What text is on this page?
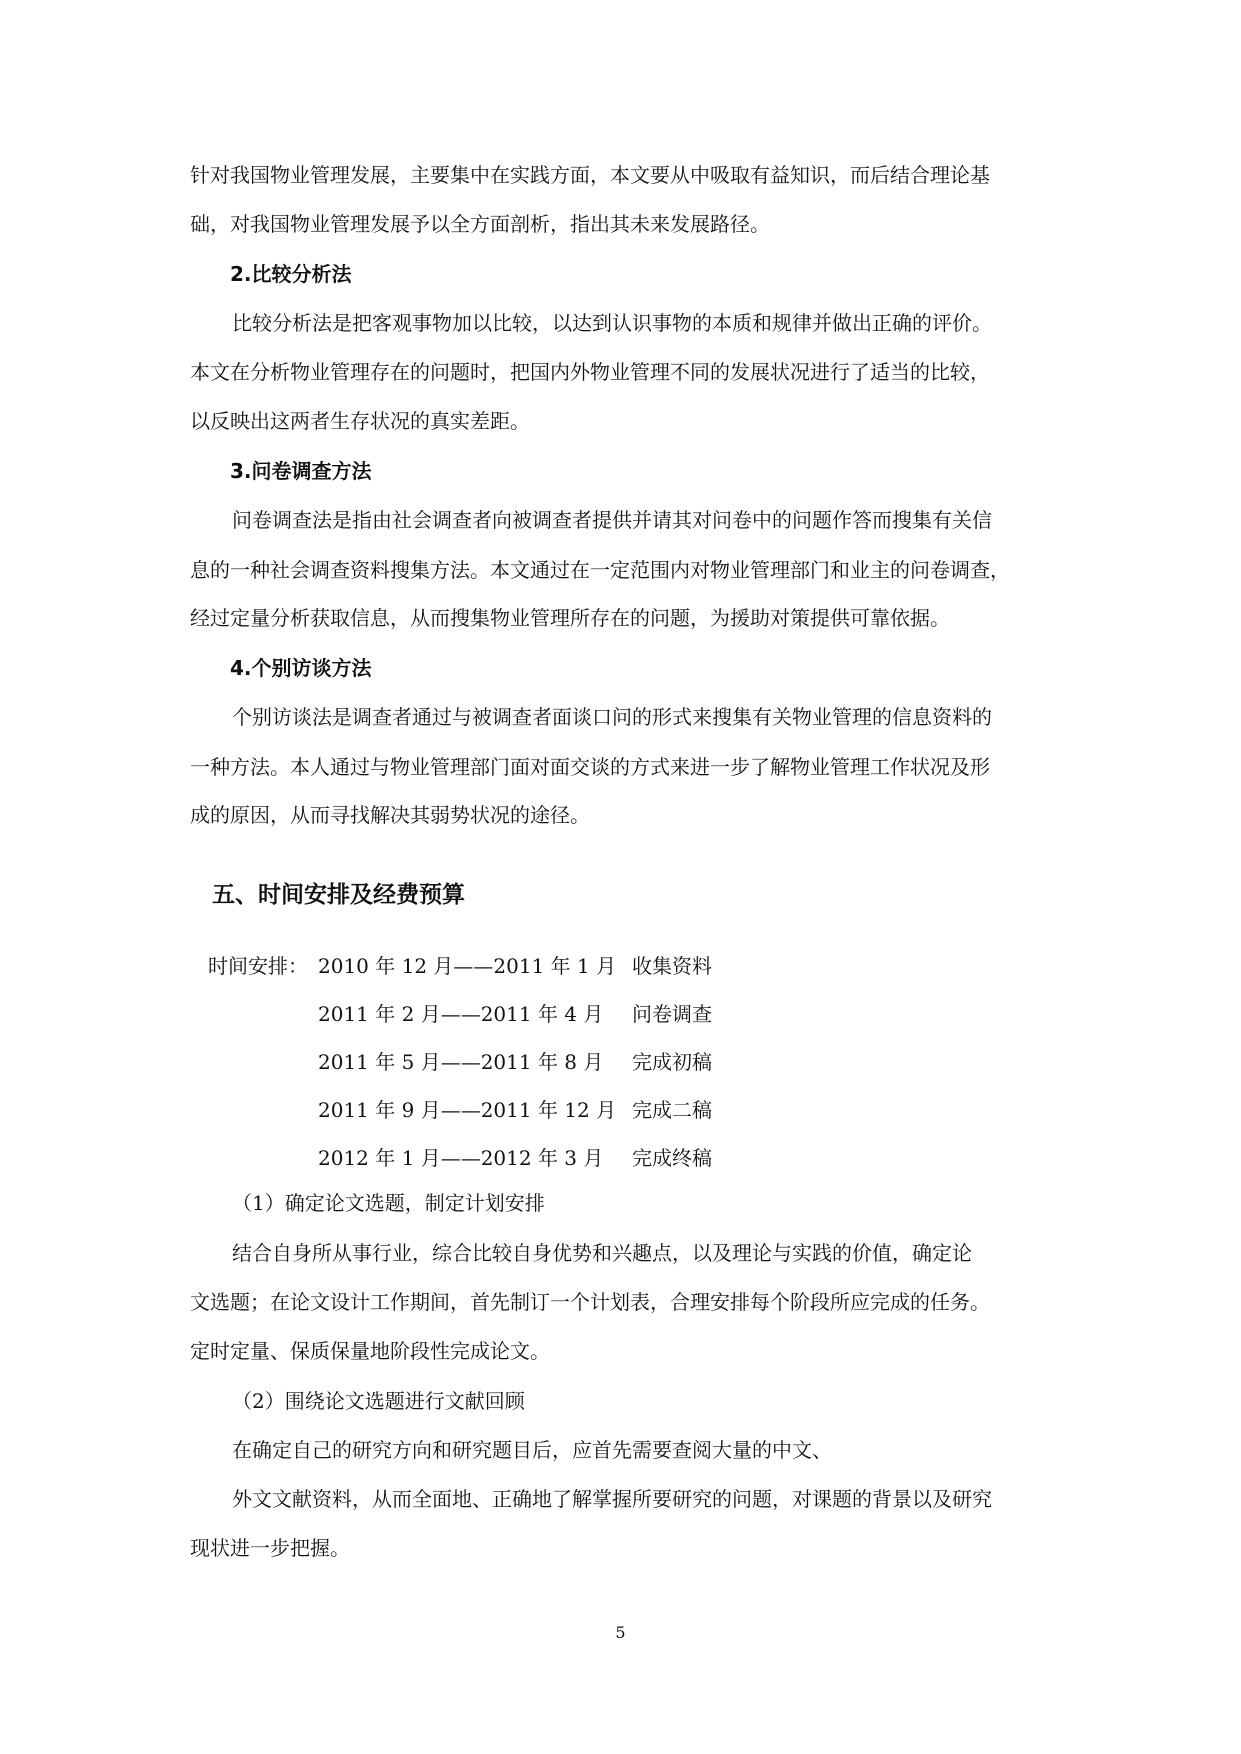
针对我国物业管理发展，主要集中在实践方面，本文要从中吸取有益知识，而后结合理论基
础，对我国物业管理发展予以全方面剖析，指出其未来发展路径。
2.比较分析法
比较分析法是把客观事物加以比较，以达到认识事物的本质和规律并做出正确的评价。
本文在分析物业管理存在的问题时，把国内外物业管理不同的发展状况进行了适当的比较，
以反映出这两者生存状况的真实差距。
3.问卷调查方法
问卷调查法是指由社会调查者向被调查者提供并请其对问卷中的问题作答而搜集有关信
息的一种社会调查资料搜集方法。本文通过在一定范围内对物业管理部门和业主的问卷调查，
经过定量分析获取信息，从而搜集物业管理所存在的问题，为援助对策提供可靠依据。
4.个别访谈方法
个别访谈法是调查者通过与被调查者面谈口问的形式来搜集有关物业管理的信息资料的
一种方法。本人通过与物业管理部门面对面交谈的方式来进一步了解物业管理工作状况及形
成的原因，从而寻找解决其弱势状况的途径。
五、时间安排及经费预算
时间安排： 2010 年 12 月——2011 年 1 月 收集资料
2011 年 2 月——2011 年 4 月 问卷调查
2011 年 5 月——2011 年 8 月 完成初稿
2011 年 9 月——2011 年 12 月 完成二稿
2012 年 1 月——2012 年 3 月 完成终稿
（1）确定论文选题，制定计划安排
结合自身所从事行业，综合比较自身优势和兴趣点，以及理论与实践的价值，确定论
文选题；在论文设计工作期间，首先制订一个计划表，合理安排每个阶段所应完成的任务。
定时定量、保质保量地阶段性完成论文。
（2）围绕论文选题进行文献回顾
在确定自己的研究方向和研究题目后，应首先需要查阅大量的中文、
外文文献资料，从而全面地、正确地了解掌握所要研究的问题，对课题的背景以及研究
现状进一步把握。
5
